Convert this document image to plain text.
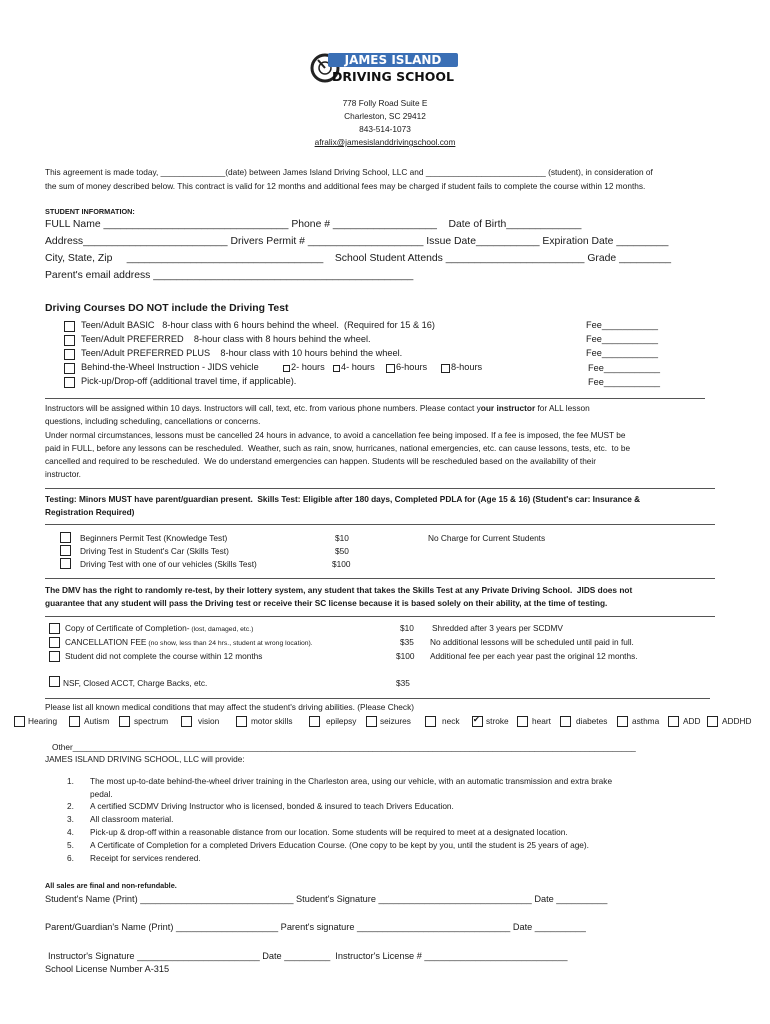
JAMES ISLAND
DRIVING SCHOOL
778 Folly Road Suite E
Charleston, SC 29412
843-514-1073
afralix@jamesislanddrivingschool.com
This agreement is made today, ______________(date) between James Island Driving School, LLC and __________________________ (student), in consideration of
the sum of money described below. This contract is valid for 12 months and additional fees may be charged if student fails to complete the course within 12 months.
STUDENT INFORMATION:
FULL Name ________________________________ Phone # __________________    Date of Birth_____________
Address_________________________ Drivers Permit # ____________________ Issue Date___________ Expiration Date _________
City, State, Zip     __________________________________    School Student Attends ________________________ Grade _________
Parent's email address _____________________________________________
Driving Courses DO NOT include the Driving Test
Teen/Adult BASIC   8-hour class with 6 hours behind the wheel.  (Required for 15 & 16)	Fee___________
Teen/Adult PREFERRED    8-hour class with 8 hours behind the wheel.	Fee___________
Teen/Adult PREFERRED PLUS    8-hour class with 10 hours behind the wheel.	Fee___________
Behind-the-Wheel Instruction - JIDS vehicle	2- hours 4- hours 6-hours	8-hours	Fee___________
Pick-up/Drop-off (additional travel time, if applicable).	Fee___________
Instructors will be assigned within 10 days. Instructors will call, text, etc. from various phone numbers. Please contact your instructor for ALL lesson
questions, including scheduling, cancellations or concerns.
Under normal circumstances, lessons must be cancelled 24 hours in advance, to avoid a cancellation fee being imposed. If a fee is imposed, the fee MUST be
paid in FULL, before any lessons can be rescheduled.  Weather, such as rain, snow, hurricanes, national emergencies, etc. can cause lessons, tests, etc.  to be
cancelled and required to be rescheduled.  We do understand emergencies can happen. Students will be rescheduled based on the availability of their
instructor.
Testing: Minors MUST have parent/guardian present.  Skills Test: Eligible after 180 days, Completed PDLA for (Age 15 & 16) (Student's car: Insurance &
Registration Required)
Beginners Permit Test (Knowledge Test)	$10	No Charge for Current Students
Driving Test in Student's Car (Skills Test)	$50
Driving Test with one of our vehicles (Skills Test)	$100
The DMV has the right to randomly re-test, by their lottery system, any student that takes the Skills Test at any Private Driving School.  JIDS does not
guarantee that any student will pass the Driving test or receive their SC license because it is based solely on their ability, at the time of testing.
Copy of Certificate of Completion- (lost, damaged, etc.)	$10 Shredded after 3 years per SCDMV
CANCELLATION FEE (no show, less than 24 hrs., student at wrong location).	$35 No additional lessons will be scheduled until paid in full.
Student did not complete the course within 12 months	$100 Additional fee per each year past the original 12 months.
NSF, Closed ACCT, Charge Backs, etc.	$35
Please list all known medical conditions that may affect the student's driving abilities. (Please Check)
Hearing	Autism	spectrum	vision	motor skills	epilepsy	seizures	neck
✔	stroke	heart	diabetes	asthma	ADD	ADDHD
Other__________________________________________________________________________________________________________________________
JAMES ISLAND DRIVING SCHOOL, LLC will provide:
1. The most up-to-date behind-the-wheel driver training in the Charleston area, using our vehicle, with an automatic transmission and extra brake
pedal.
2. A certified SCDMV Driving Instructor who is licensed, bonded & insured to teach Drivers Education.
3. All classroom material.
4. Pick-up & drop-off within a reasonable distance from our location. Some students will be required to meet at a designated location.
5. A Certificate of Completion for a completed Drivers Education Course. (One copy to be kept by you, until the student is 25 years of age).
6. Receipt for services rendered.
All sales are final and non-refundable.
Student's Name (Print) ______________________________ Student's Signature ______________________________ Date __________
Parent/Guardian's Name (Print) ____________________ Parent's signature ______________________________ Date __________
Instructor's Signature ________________________ Date _________  Instructor's License # ____________________________
School License Number A-315
